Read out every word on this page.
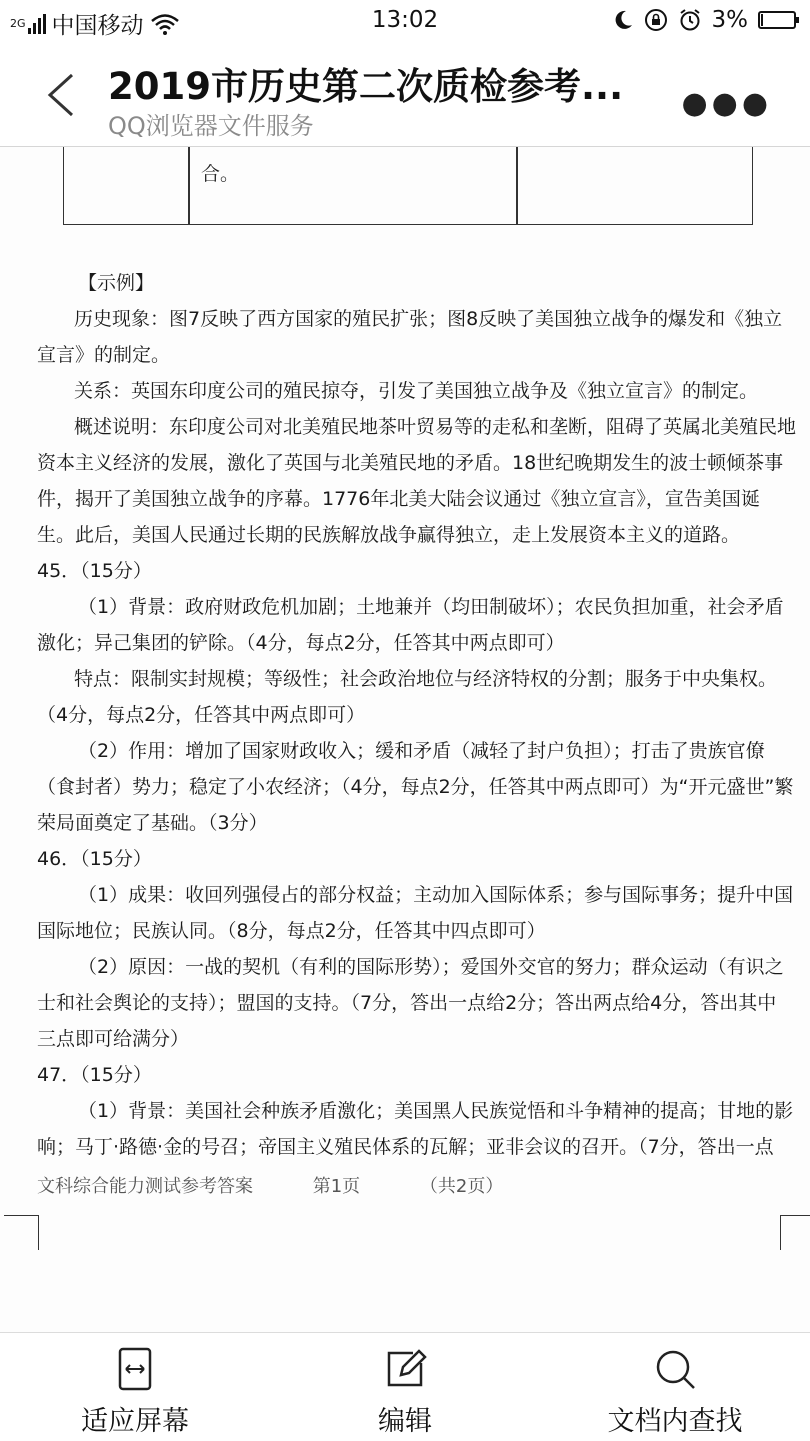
2G 中国移动	13:02	3%
2019市历史第二次质检参考...
QQ浏览器文件服务
●●●
合。
【示例】
历史现象：图7反映了西方国家的殖民扩张；图8反映了美国独立战争的爆发和《独立
宣言》的制定。
关系：英国东印度公司的殖民掠夺，引发了美国独立战争及《独立宣言》的制定。
概述说明：东印度公司对北美殖民地茶叶贸易等的走私和垄断，阻碍了英属北美殖民地
资本主义经济的发展，激化了英国与北美殖民地的矛盾。18世纪晚期发生的波士顿倾茶事
件，揭开了美国独立战争的序幕。1776年北美大陆会议通过《独立宣言》，宣告美国诞
生。此后，美国人民通过长期的民族解放战争赢得独立，走上发展资本主义的道路。
45．（15分）
（1）背景：政府财政危机加剧；土地兼并（均田制破坏）；农民负担加重，社会矛盾
激化；异己集团的铲除。（4分，每点2分，任答其中两点即可）
特点：限制实封规模；等级性；社会政治地位与经济特权的分割；服务于中央集权。
（4分，每点2分，任答其中两点即可）
（2）作用：增加了国家财政收入；缓和矛盾（减轻了封户负担）；打击了贵族官僚
（食封者）势力；稳定了小农经济；（4分，每点2分，任答其中两点即可）为“开元盛世”繁
荣局面奠定了基础。（3分）
46．（15分）
（1）成果：收回列强侵占的部分权益；主动加入国际体系；参与国际事务；提升中国
国际地位；民族认同。（8分，每点2分，任答其中四点即可）
（2）原因：一战的契机（有利的国际形势）；爱国外交官的努力；群众运动（有识之
士和社会舆论的支持）；盟国的支持。（7分，答出一点给2分；答出两点给4分，答出其中
三点即可给满分）
47．（15分）
（1）背景：美国社会种族矛盾激化；美国黑人民族觉悟和斗争精神的提高；甘地的影
响；马丁·路德·金的号召；帝国主义殖民体系的瓦解；亚非会议的召开。（7分，答出一点
文科综合能力测试参考答案	第1页	（共2页）
适应屏幕	编辑	文档内查找
